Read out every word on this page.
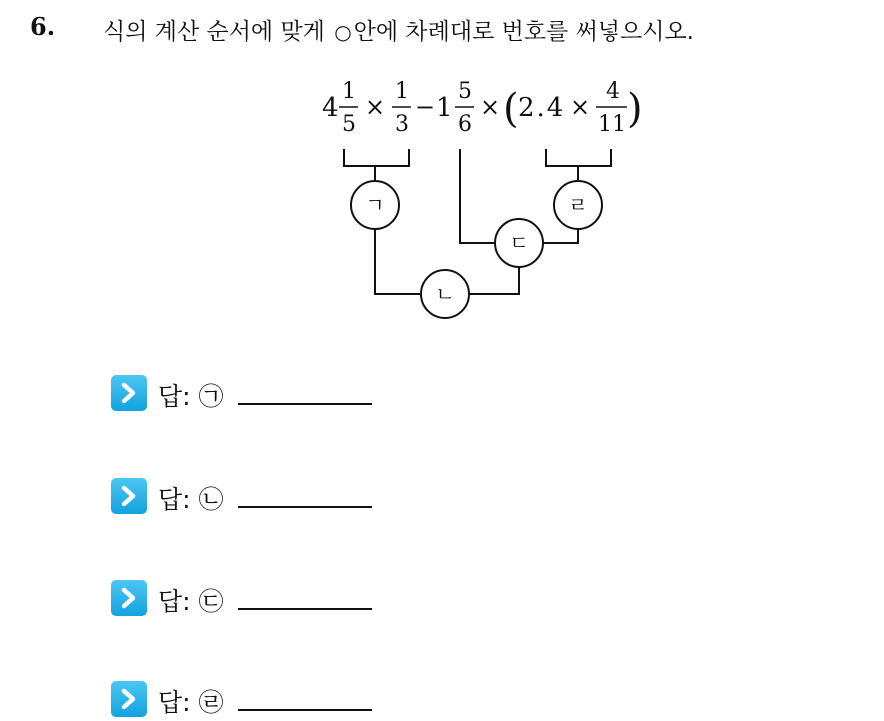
6. 식의 계산 순서에 맞게 ○안에 차례대로 번호를 써넣으시오.
4
1
5
×
1
3
− 1
5
6
× ( 2.4 ×
4
11 )
ㄱ	ㄹ
ㄷ
ㄴ
답: ㉠
답: ㉡
답: ㉢
답: ㉣
